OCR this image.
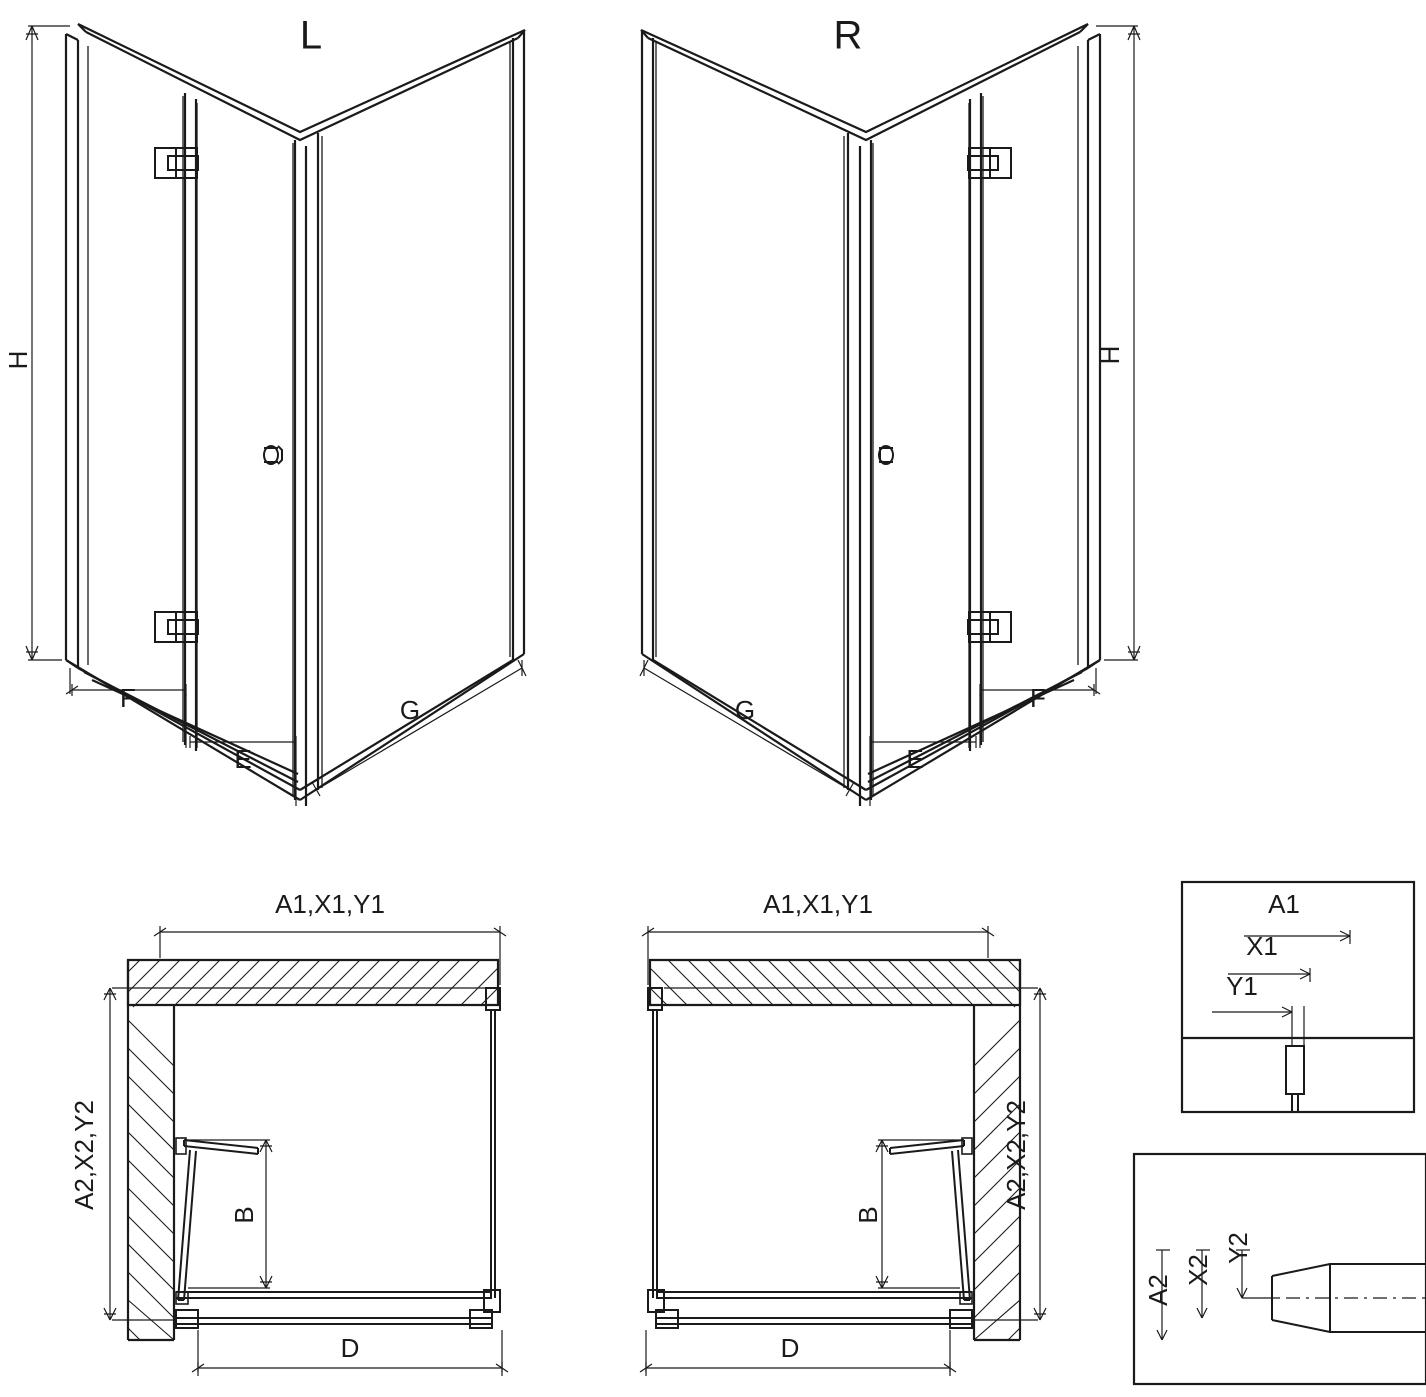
L	R
H	H
F
E
G	F
E
G
A1,X1,Y1	A1,X1,Y1
A2,X2,Y2	A2,X2,Y2
B	B
D	D
A1
X1
Y1
A2
X2
Y2
